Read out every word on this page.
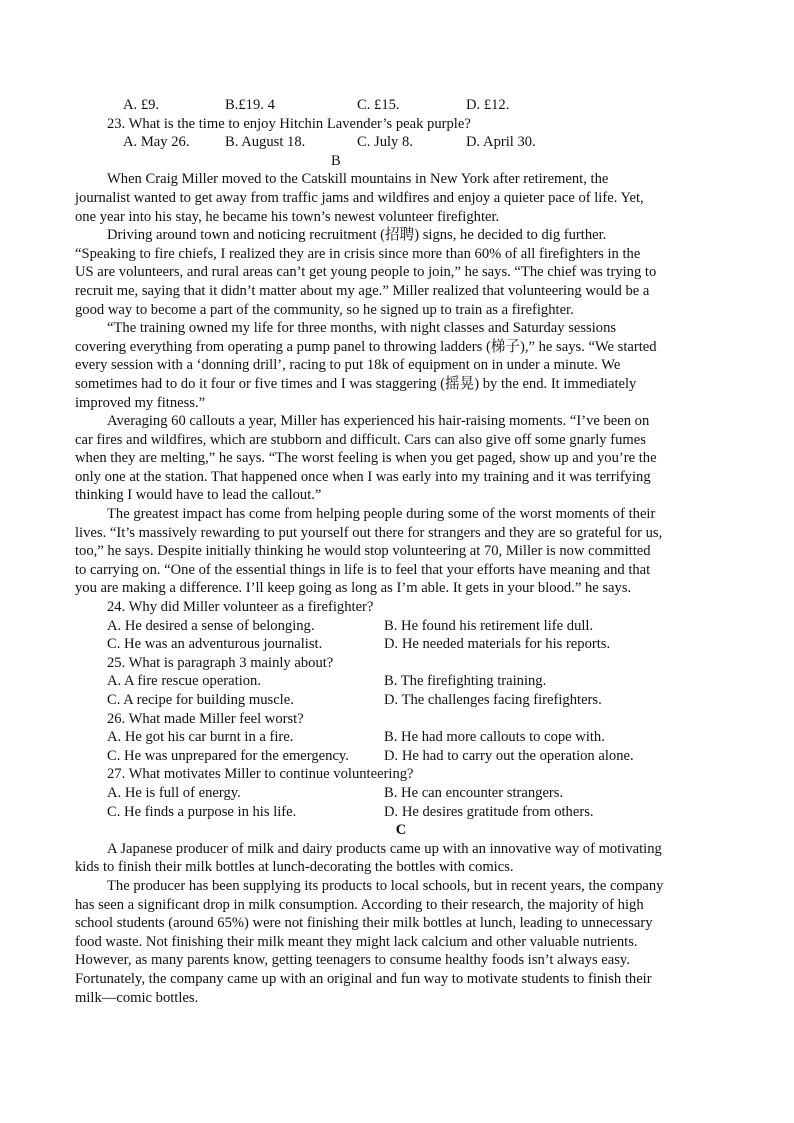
A. £9.	B.£19. 4	C. £15.	D. £12.
23. What is the time to enjoy Hitchin Lavender’s peak purple?
A. May 26.	B. August 18.	C. July 8.	D. April 30.
B
When Craig Miller moved to the Catskill mountains in New York after retirement, the
journalist wanted to get away from traffic jams and wildfires and enjoy a quieter pace of life. Yet,
one year into his stay, he became his town’s newest volunteer firefighter.
Driving around town and noticing recruitment (招聘) signs, he decided to dig further.
“Speaking to fire chiefs, I realized they are in crisis since more than 60% of all firefighters in the
US are volunteers, and rural areas can’t get young people to join,” he says. “The chief was trying to
recruit me, saying that it didn’t matter about my age.” Miller realized that volunteering would be a
good way to become a part of the community, so he signed up to train as a firefighter.
“The training owned my life for three months, with night classes and Saturday sessions
covering everything from operating a pump panel to throwing ladders (梯子),” he says. “We started
every session with a ‘donning drill’, racing to put 18k of equipment on in under a minute. We
sometimes had to do it four or five times and I was staggering (摇晃) by the end. It immediately
improved my fitness.”
Averaging 60 callouts a year, Miller has experienced his hair-raising moments. “I’ve been on
car fires and wildfires, which are stubborn and difficult. Cars can also give off some gnarly fumes
when they are melting,” he says. “The worst feeling is when you get paged, show up and you’re the
only one at the station. That happened once when I was early into my training and it was terrifying
thinking I would have to lead the callout.”
The greatest impact has come from helping people during some of the worst moments of their
lives. “It’s massively rewarding to put yourself out there for strangers and they are so grateful for us,
too,” he says. Despite initially thinking he would stop volunteering at 70, Miller is now committed
to carrying on. “One of the essential things in life is to feel that your efforts have meaning and that
you are making a difference. I’ll keep going as long as I’m able. It gets in your blood.” he says.
24. Why did Miller volunteer as a firefighter?
A. He desired a sense of belonging.	B. He found his retirement life dull.
C. He was an adventurous journalist.	D. He needed materials for his reports.
25. What is paragraph 3 mainly about?
A. A fire rescue operation.	B. The firefighting training.
C. A recipe for building muscle.	D. The challenges facing firefighters.
26. What made Miller feel worst?
A. He got his car burnt in a fire.	B. He had more callouts to cope with.
C. He was unprepared for the emergency.	D. He had to carry out the operation alone.
27. What motivates Miller to continue volunteering?
A. He is full of energy.	B. He can encounter strangers.
C. He finds a purpose in his life.	D. He desires gratitude from others.
C
A Japanese producer of milk and dairy products came up with an innovative way of motivating
kids to finish their milk bottles at lunch-decorating the bottles with comics.
The producer has been supplying its products to local schools, but in recent years, the company
has seen a significant drop in milk consumption. According to their research, the majority of high
school students (around 65%) were not finishing their milk bottles at lunch, leading to unnecessary
food waste. Not finishing their milk meant they might lack calcium and other valuable nutrients.
However, as many parents know, getting teenagers to consume healthy foods isn’t always easy.
Fortunately, the company came up with an original and fun way to motivate students to finish their
milk—comic bottles.
